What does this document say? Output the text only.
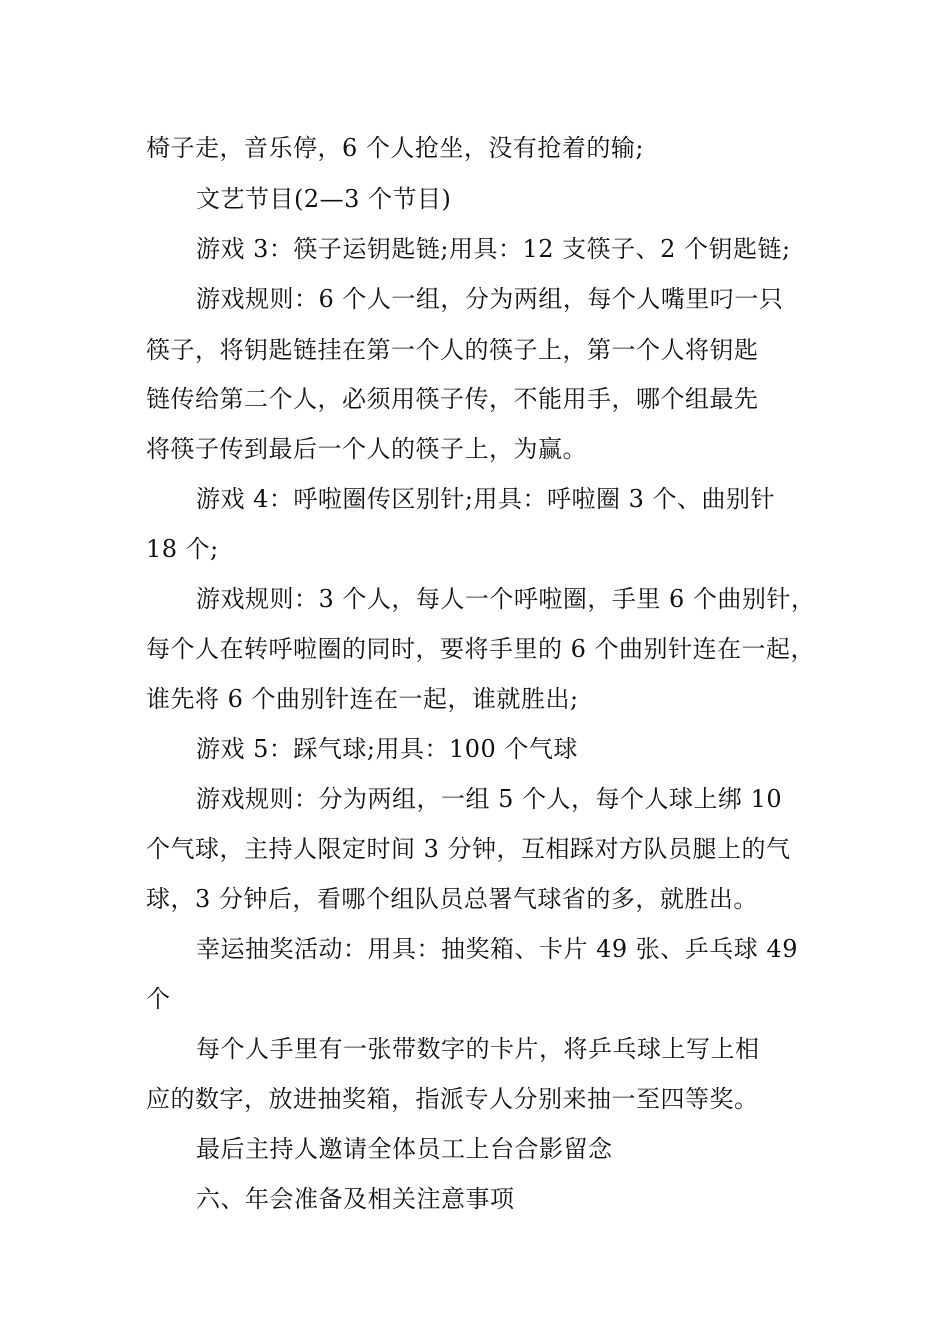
椅子走，音乐停，6 个人抢坐，没有抢着的输;
文艺节目(2—3 个节目)
游戏 3：筷子运钥匙链;用具：12 支筷子、2 个钥匙链;
游戏规则：6 个人一组，分为两组，每个人嘴里叼一只
筷子，将钥匙链挂在第一个人的筷子上，第一个人将钥匙
链传给第二个人，必须用筷子传，不能用手，哪个组最先
将筷子传到最后一个人的筷子上，为赢。
游戏 4：呼啦圈传区别针;用具：呼啦圈 3 个、曲别针
18 个;
游戏规则：3 个人，每人一个呼啦圈，手里 6 个曲别针，
每个人在转呼啦圈的同时，要将手里的 6 个曲别针连在一起，
谁先将 6 个曲别针连在一起，谁就胜出;
游戏 5：踩气球;用具：100 个气球
游戏规则：分为两组，一组 5 个人，每个人球上绑 10
个气球，主持人限定时间 3 分钟，互相踩对方队员腿上的气
球，3 分钟后，看哪个组队员总署气球省的多，就胜出。
幸运抽奖活动：用具：抽奖箱、卡片 49 张、乒乓球 49
个
每个人手里有一张带数字的卡片，将乒乓球上写上相
应的数字，放进抽奖箱，指派专人分别来抽一至四等奖。
最后主持人邀请全体员工上台合影留念
六、年会准备及相关注意事项
